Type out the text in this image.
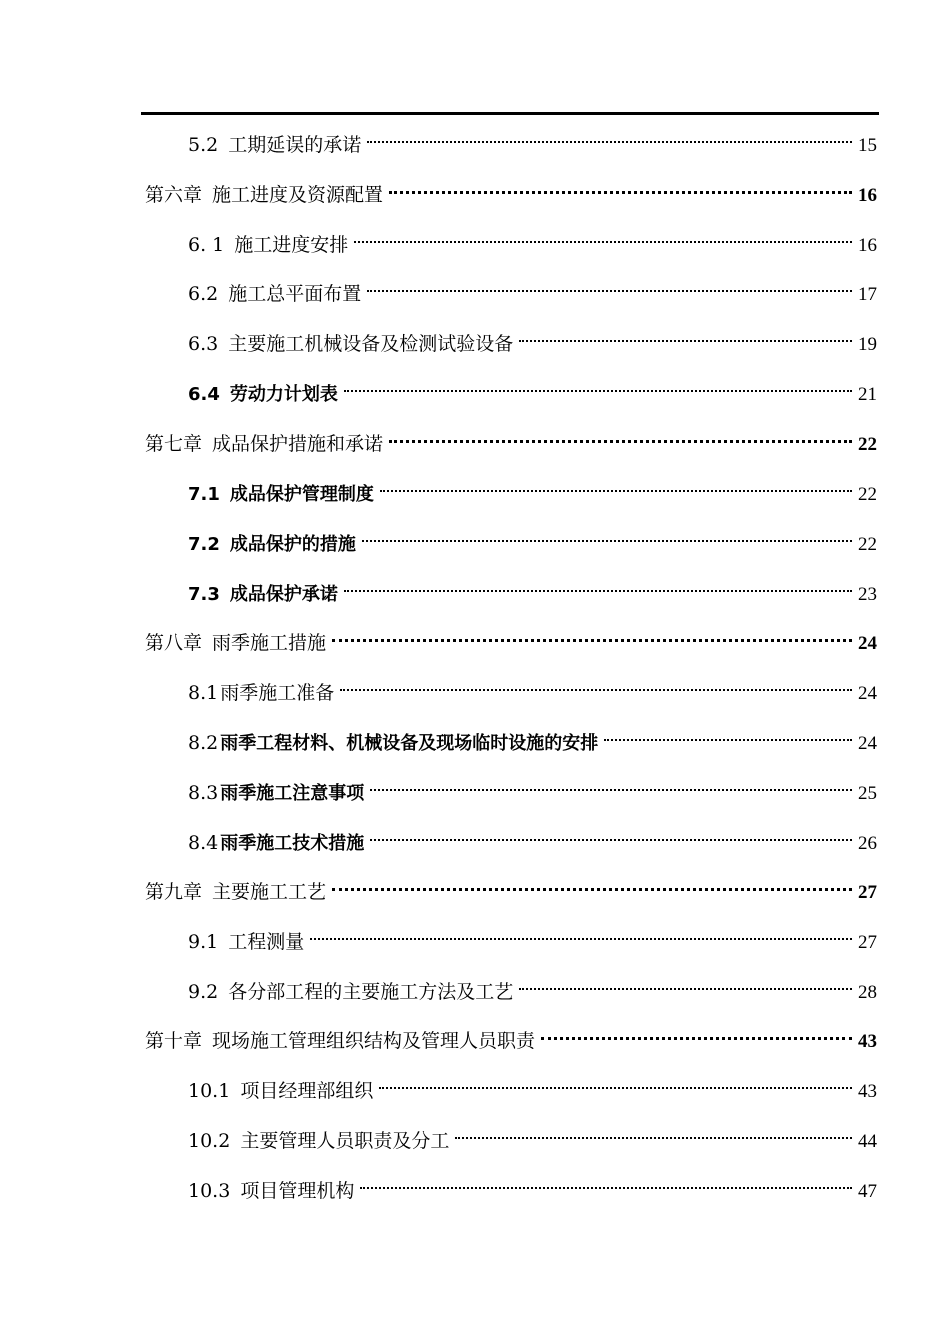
5.2 工期延误的承诺	15
第六章 施工进度及资源配置	16
6. 1 施工进度安排	16
6.2 施工总平面布置	17
6.3 主要施工机械设备及检测试验设备	19
6.4 劳动力计划表	21
第七章 成品保护措施和承诺	22
7.1 成品保护管理制度	22
7.2 成品保护的措施	22
7.3 成品保护承诺	23
第八章 雨季施工措施	24
8.1 雨季施工准备	24
8.2 雨季工程材料、机械设备及现场临时设施的安排	24
8.3 雨季施工注意事项	25
8.4 雨季施工技术措施	26
第九章 主要施工工艺	27
9.1 工程测量	27
9.2 各分部工程的主要施工方法及工艺	28
第十章 现场施工管理组织结构及管理人员职责	43
10.1 项目经理部组织	43
10.2 主要管理人员职责及分工	44
10.3 项目管理机构	47
